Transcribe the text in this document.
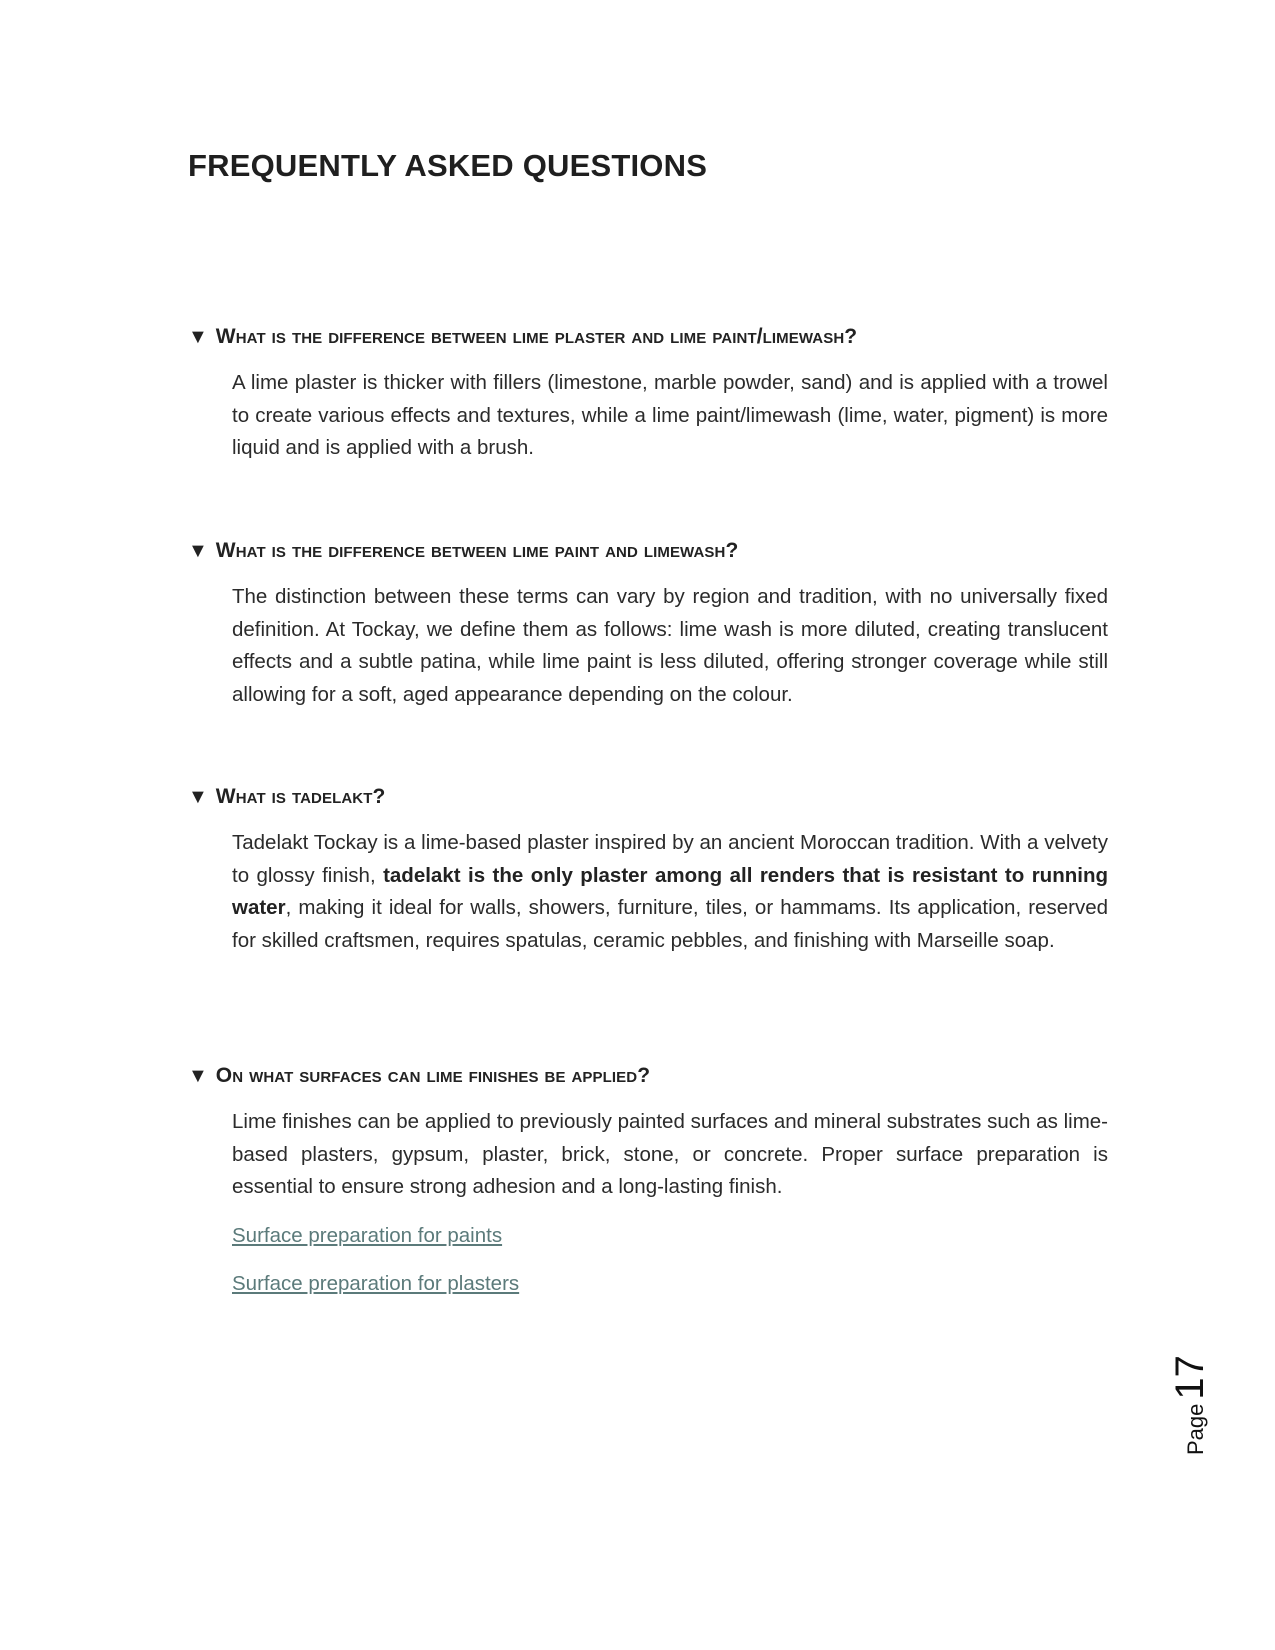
FREQUENTLY ASKED QUESTIONS
▼ What is the difference between lime plaster and lime paint/limewash?

A lime plaster is thicker with fillers (limestone, marble powder, sand) and is applied with a trowel to create various effects and textures, while a lime paint/limewash (lime, water, pigment) is more liquid and is applied with a brush.

▼ What is the difference between lime paint and limewash?

The distinction between these terms can vary by region and tradition, with no universally fixed definition. At Tockay, we define them as follows: lime wash is more diluted, creating translucent effects and a subtle patina, while lime paint is less diluted, offering stronger coverage while still allowing for a soft, aged appearance depending on the colour.

▼ What is tadelakt?

Tadelakt Tockay is a lime-based plaster inspired by an ancient Moroccan tradition. With a velvety to glossy finish, tadelakt is the only plaster among all renders that is resistant to running water, making it ideal for walls, showers, furniture, tiles, or hammams. Its application, reserved for skilled craftsmen, requires spatulas, ceramic pebbles, and finishing with Marseille soap.

▼ On what surfaces can lime finishes be applied?

Lime finishes can be applied to previously painted surfaces and mineral substrates such as lime-based plasters, gypsum, plaster, brick, stone, or concrete. Proper surface preparation is essential to ensure strong adhesion and a long-lasting finish.

Surface preparation for paints
Surface preparation for plasters
Page17
